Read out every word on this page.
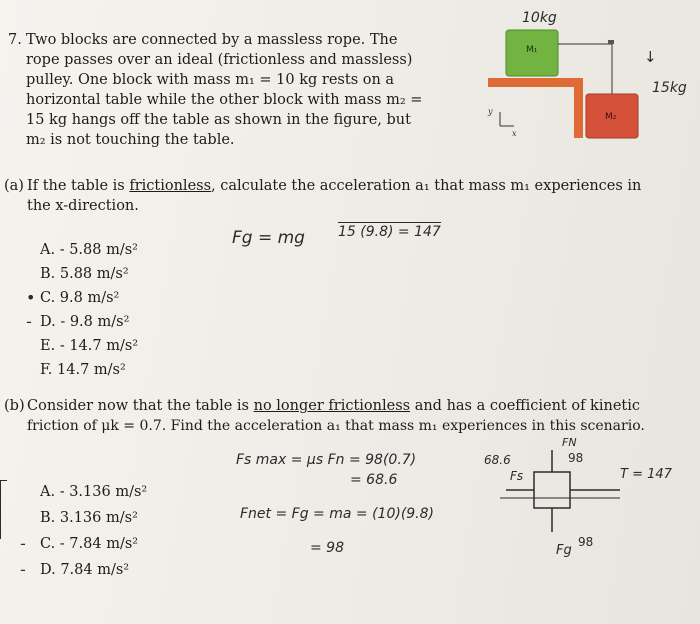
7. Two blocks are connected by a massless rope. The
rope passes over an ideal (frictionless and massless)
pulley. One block with mass m₁ = 10 kg rests on a
horizontal table while the other block with mass m₂ =
15 kg hangs off the table as shown in the figure, but
m₂ is not touching the table.
M₁
M₂
y
x
10kg
↓
15kg
(a) If the table is frictionless, calculate the acceleration a₁ that mass m₁ experiences in
the x-direction.
A. - 5.88 m/s²
B. 5.88 m/s²
C. 9.8 m/s²
D. - 9.8 m/s²
E. - 14.7 m/s²
F. 14.7 m/s²
•
-
Fg = mg 15 (9.8) = 147
(b) Consider now that the table is no longer frictionless and has a coefficient of kinetic
friction of μk = 0.7. Find the acceleration a₁ that mass m₁ experiences in this scenario.
A. - 3.136 m/s²
B. 3.136 m/s²
C. - 7.84 m/s²
D. 7.84 m/s²
-
-
Fs max = μs Fn = 98(0.7)
= 68.6
Fnet = Fg = ma = (10)(9.8)
= 98
68.6
Fs
FN
98
T = 147
Fg
98
